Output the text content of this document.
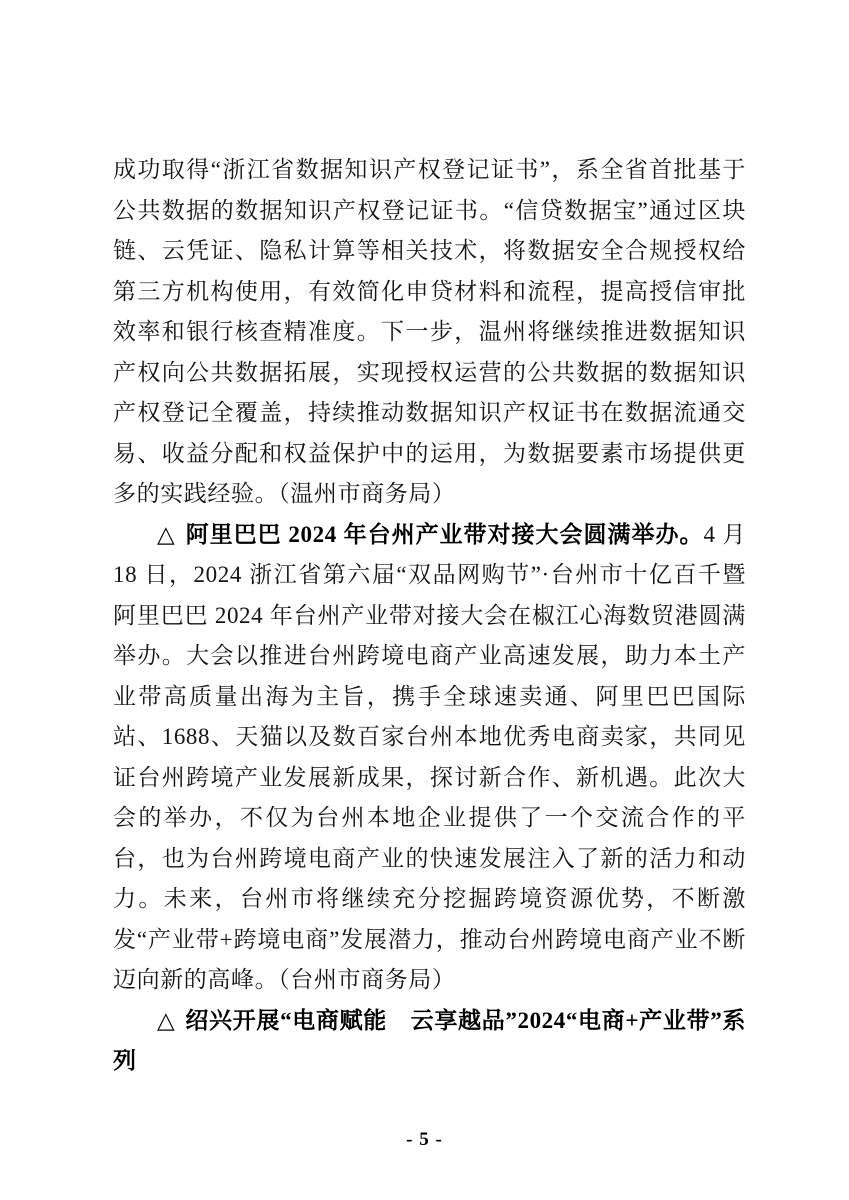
成功取得“浙江省数据知识产权登记证书”，系全省首批基于公共数据的数据知识产权登记证书。“信贷数据宝”通过区块链、云凭证、隐私计算等相关技术，将数据安全合规授权给第三方机构使用，有效简化申贷材料和流程，提高授信审批效率和银行核查精准度。下一步，温州将继续推进数据知识产权向公共数据拓展，实现授权运营的公共数据的数据知识产权登记全覆盖，持续推动数据知识产权证书在数据流通交易、收益分配和权益保护中的运用，为数据要素市场提供更多的实践经验。（温州市商务局）

△ 阿里巴巴 2024 年台州产业带对接大会圆满举办。4 月 18 日，2024 浙江省第六届“双品网购节”·台州市十亿百千暨阿里巴巴 2024 年台州产业带对接大会在椒江心海数贸港圆满举办。大会以推进台州跨境电商产业高速发展，助力本土产业带高质量出海为主旨，携手全球速卖通、阿里巴巴国际站、1688、天猫以及数百家台州本地优秀电商卖家，共同见证台州跨境产业发展新成果，探讨新合作、新机遇。此次大会的举办，不仅为台州本地企业提供了一个交流合作的平台，也为台州跨境电商产业的快速发展注入了新的活力和动力。未来，台州市将继续充分挖掘跨境资源优势，不断激发“产业带+跨境电商”发展潜力，推动台州跨境电商产业不断迈向新的高峰。（台州市商务局）

△ 绍兴开展“电商赋能　云享越品”2024“电商+产业带”系列

- 5 -
